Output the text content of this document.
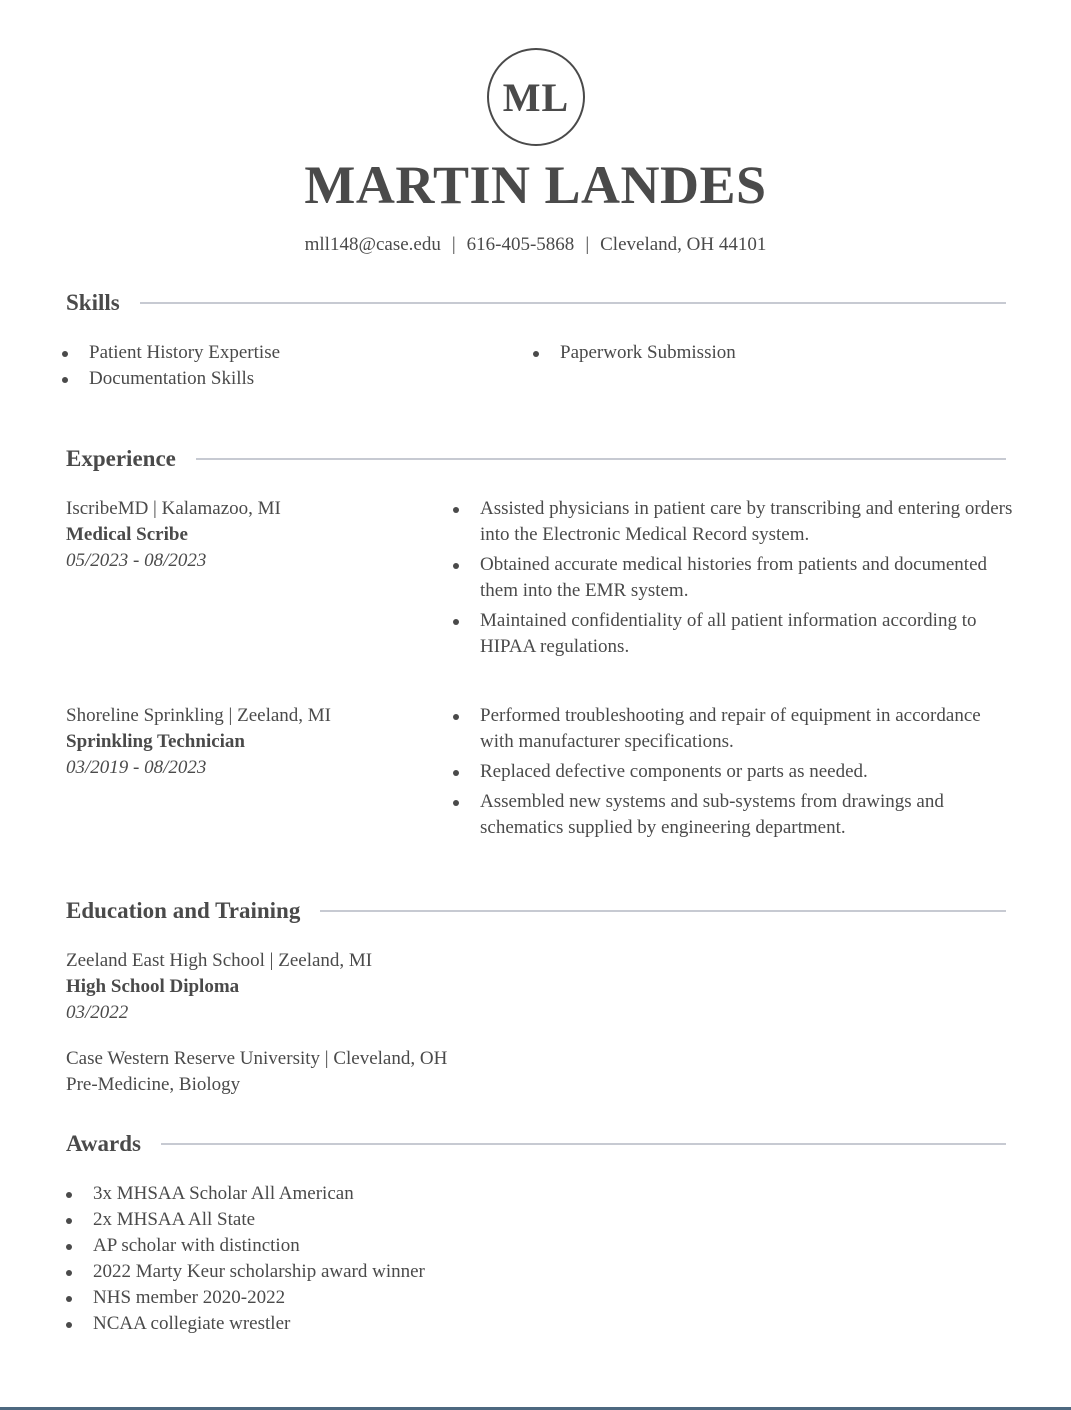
ML
MARTIN LANDES
mll148@case.edu | 616-405-5868 | Cleveland, OH 44101
Skills
Patient History Expertise
Documentation Skills
Paperwork Submission
Experience
IscribeMD | Kalamazoo, MI
Medical Scribe
05/2023 - 08/2023
Assisted physicians in patient care by transcribing and entering orders into the Electronic Medical Record system.
Obtained accurate medical histories from patients and documented them into the EMR system.
Maintained confidentiality of all patient information according to HIPAA regulations.
Shoreline Sprinkling | Zeeland, MI
Sprinkling Technician
03/2019 - 08/2023
Performed troubleshooting and repair of equipment in accordance with manufacturer specifications.
Replaced defective components or parts as needed.
Assembled new systems and sub-systems from drawings and schematics supplied by engineering department.
Education and Training
Zeeland East High School | Zeeland, MI
High School Diploma
03/2022
Case Western Reserve University | Cleveland, OH
Pre-Medicine, Biology
Awards
3x MHSAA Scholar All American
2x MHSAA All State
AP scholar with distinction
2022 Marty Keur scholarship award winner
NHS member 2020-2022
NCAA collegiate wrestler
